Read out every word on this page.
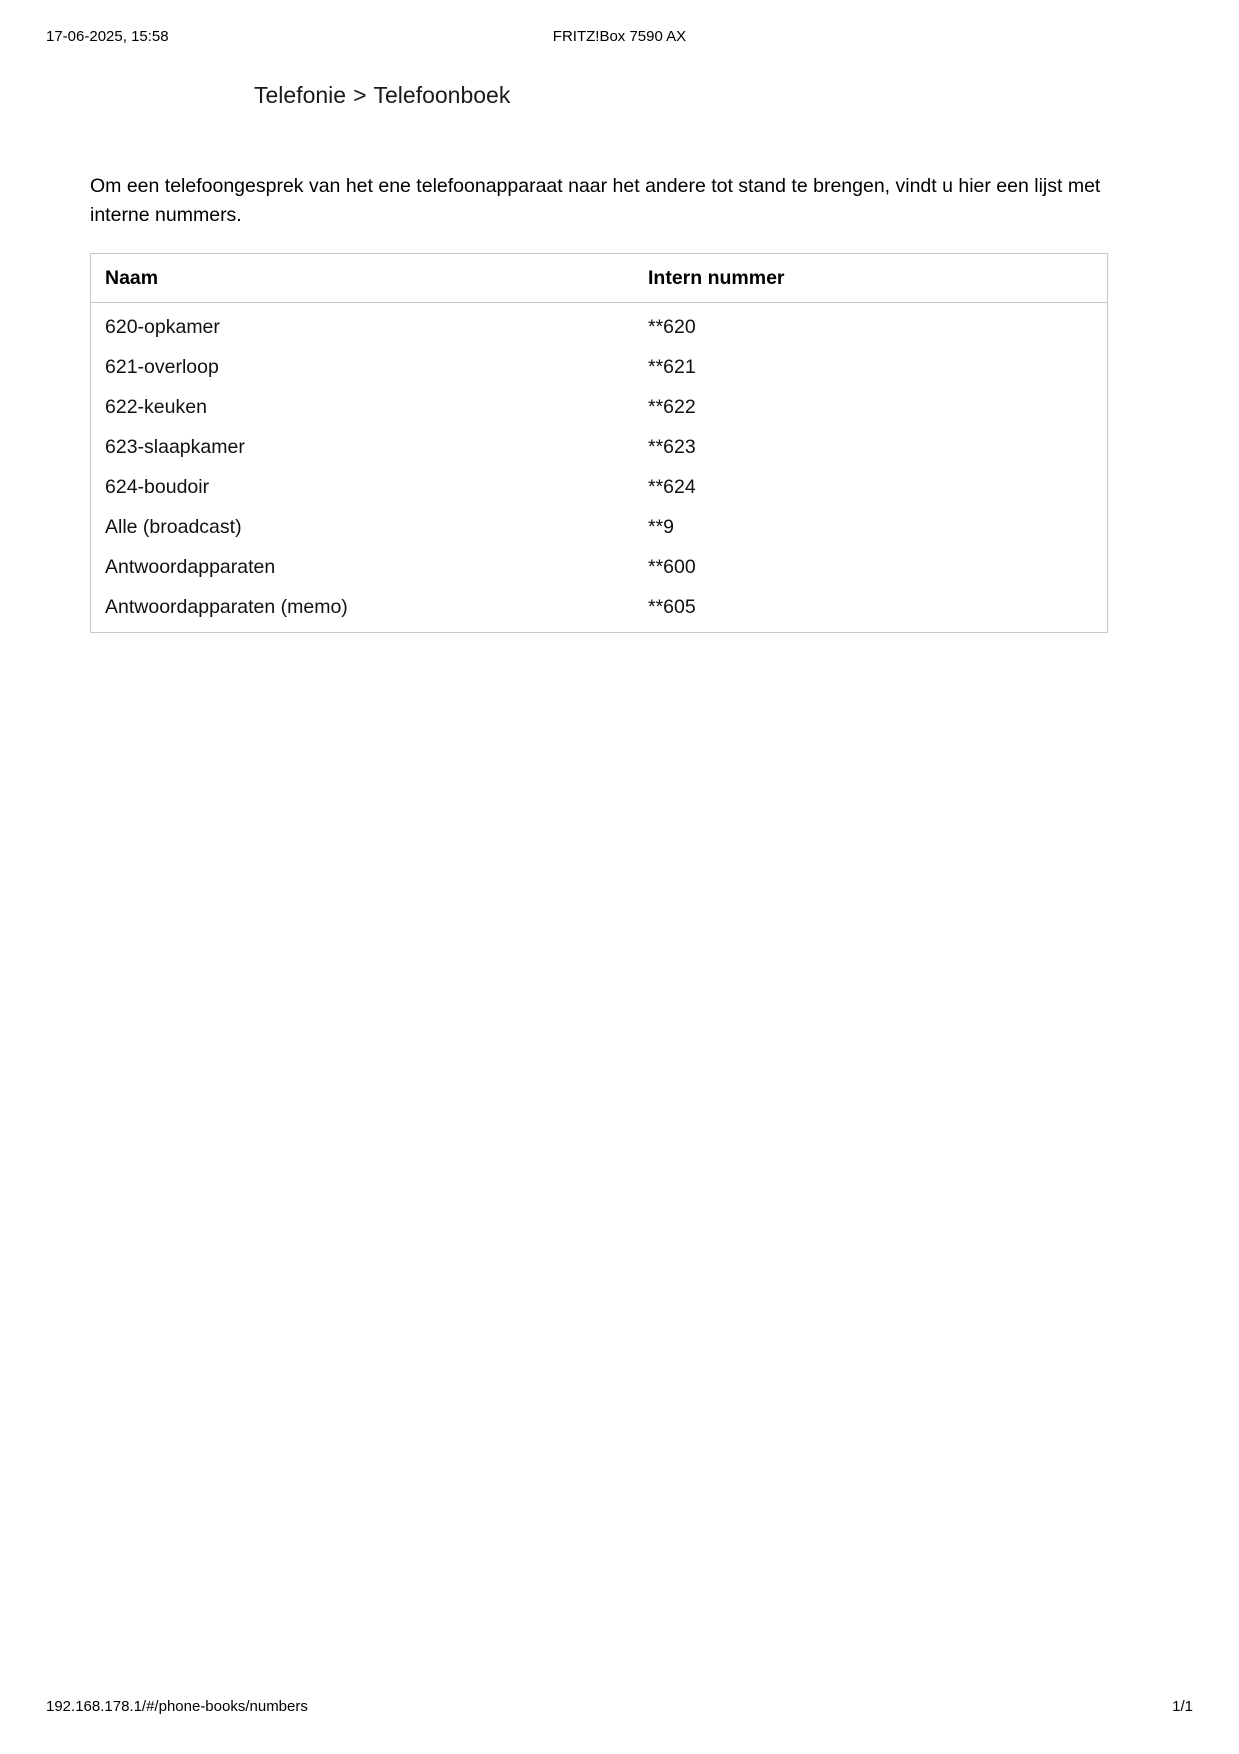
17-06-2025, 15:58	FRITZ!Box 7590 AX
Telefonie > Telefoonboek

Om een telefoongesprek van het ene telefoonapparaat naar het andere tot stand te brengen, vindt u hier een lijst met interne nummers.

Naam	Intern nummer
620-opkamer	**620
621-overloop	**621
622-keuken	**622
623-slaapkamer	**623
624-boudoir	**624
Alle (broadcast)	**9
Antwoordapparaten	**600
Antwoordapparaten (memo)	**605
192.168.178.1/#/phone-books/numbers	1/1
